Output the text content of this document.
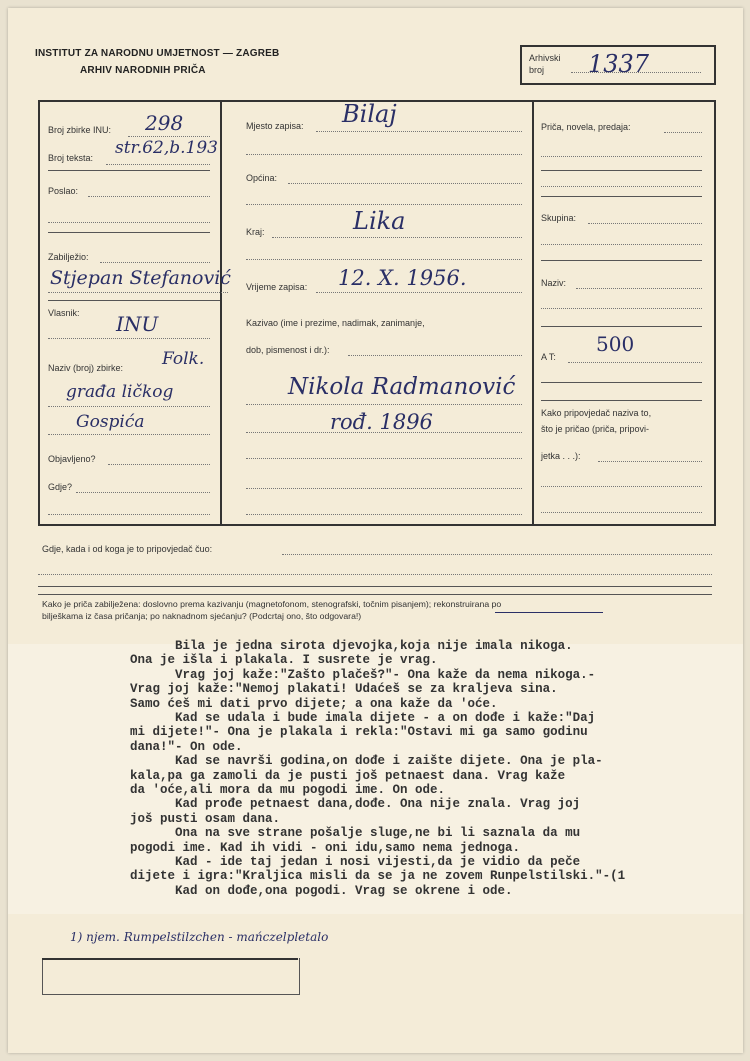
INSTITUT ZA NARODNU UMJETNOST — ZAGREB
ARHIV NARODNIH PRIČA
Arhivski broj	1337
Broj zbirke INU: 298
Broj teksta: str.62,b.193
Poslao:
Zabilježio:
Stjepan Stefanović
Vlasnik: INU
Naziv (broj) zbirke: Folk.
građa ličkog
Gospića
Objavljeno?
Gdje?
Mjesto zapisa: Bilaj
Općina:
Kraj:	Lika
Vrijeme zapisa: 12. X. 1956.
Kazivao (ime i prezime, nadimak, zanimanje,
dob, pismenost i dr.):
Nikola Radmanović
rođ. 1896
Priča, novela, predaja:
Skupina:
Naziv:
A T:
500
Kako pripovjedač naziva to,
što je pričao (priča, pripovi-
jetka . . .):
Gdje, kada i od koga je to pripovjedač čuo:
Kako je priča zabilježena: doslovno prema kazivanju (magnetofonom, stenografski, točnim pisanjem); rekonstruirana po
bilješkama iz časa pričanja; po naknadnom sjećanju? (Podcrtaj ono, što odgovara!)
Bila je jedna sirota djevojka,koja nije imala nikoga.
Ona je išla i plakala. I susrete je vrag.
Vrag joj kaže:"Zašto plačeš?"- Ona kaže da nema nikoga.-
Vrag joj kaže:"Nemoj plakati! Udaćeš se za kraljeva sina.
Samo ćeš mi dati prvo dijete; a ona kaže da 'oće.
Kad se udala i bude imala dijete - a on dođe i kaže:"Daj
mi dijete!"- Ona je plakala i rekla:"Ostavi mi ga samo godinu
dana!"- On ode.
Kad se navrši godina,on dođe i zaište dijete. Ona je pla-
kala,pa ga zamoli da je pusti još petnaest dana. Vrag kaže
da 'oće,ali mora da mu pogodi ime. On ode.
Kad prođe petnaest dana,dođe. Ona nije znala. Vrag joj
još pusti osam dana.
Ona na sve strane pošalje sluge,ne bi li saznala da mu
pogodi ime. Kad ih vidi - oni idu,samo nema jednoga.
Kad - ide taj jedan i nosi vijesti,da je vidio da peče
dijete i igra:"Kraljica misli da se ja ne zovem Runpelstilski."-(1
Kad on dođe,ona pogodi. Vrag se okrene i ode.
1) njem. Rumpelstilzchen - mańczelpletalo
